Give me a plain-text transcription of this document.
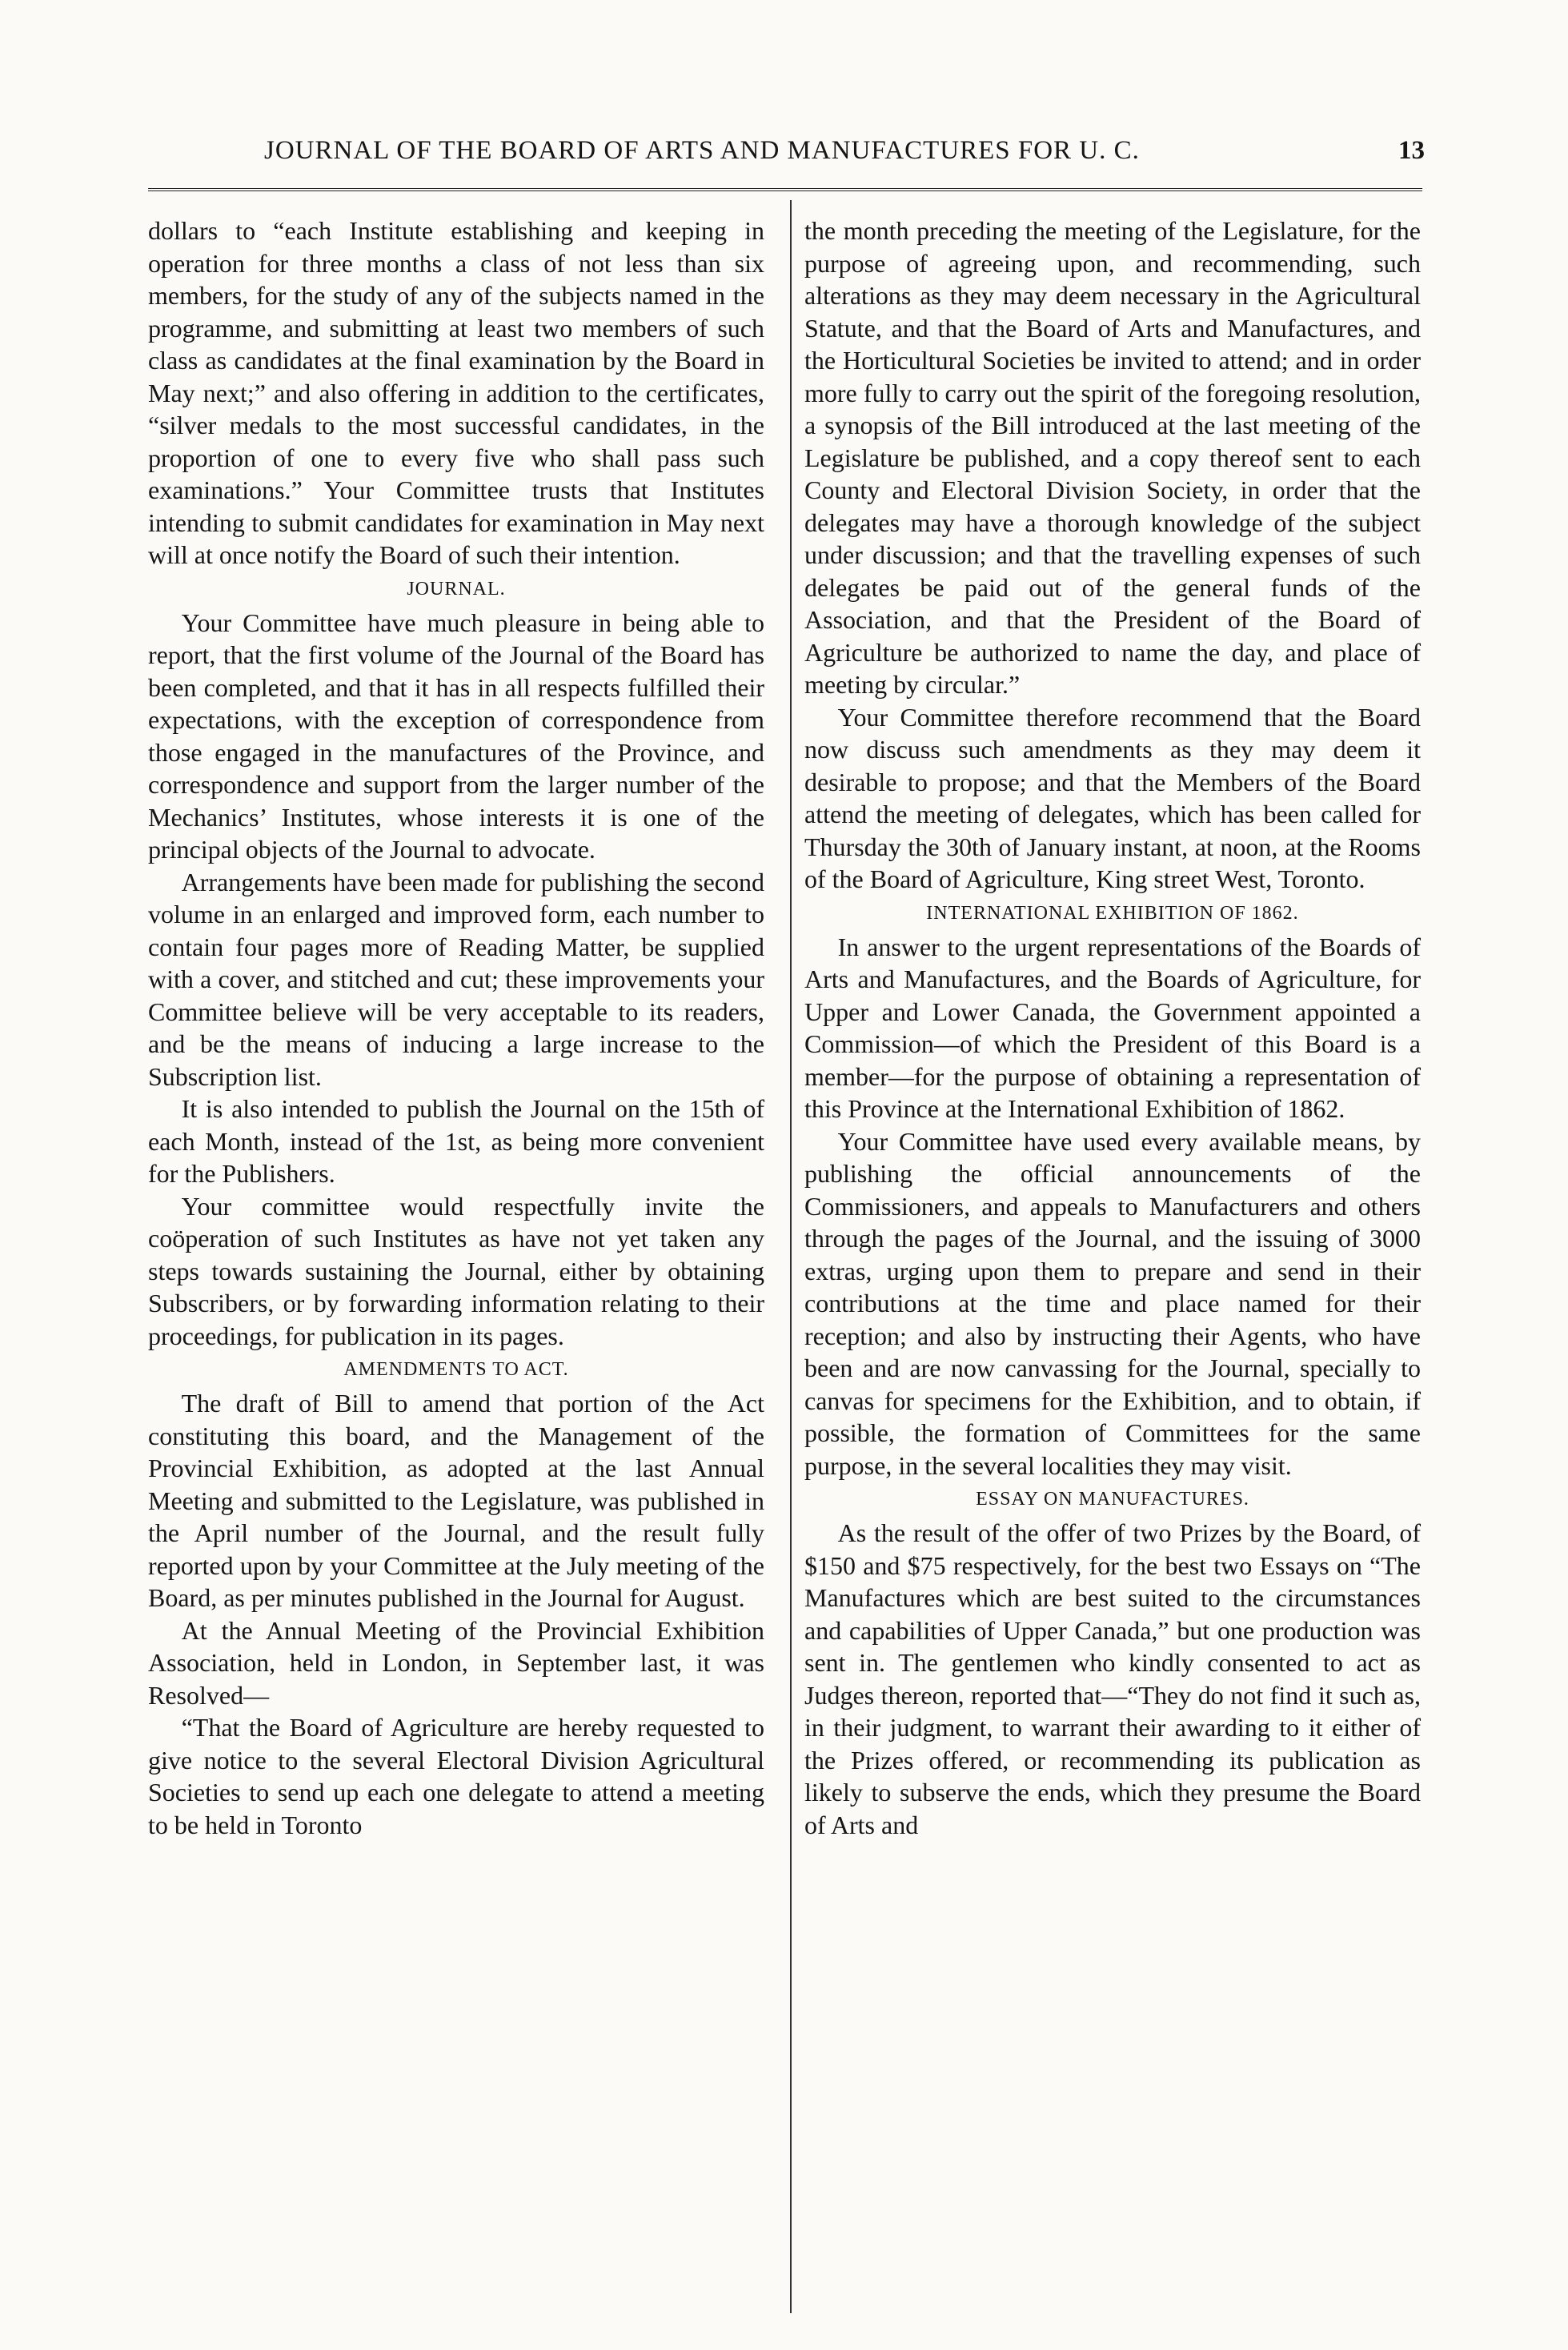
JOURNAL OF THE BOARD OF ARTS AND MANUFACTURES FOR U. C.	13

dollars to “each Institute establishing and keeping in operation for three months a class of not less than six members, for the study of any of the subjects named in the programme, and submitting at least two members of such class as candidates at the final examination by the Board in May next;” and also offering in addition to the certificates, “silver medals to the most successful candidates, in the proportion of one to every five who shall pass such examinations.” Your Committee trusts that Institutes intending to submit candidates for examination in May next will at once notify the Board of such their intention.

JOURNAL.

Your Committee have much pleasure in being able to report, that the first volume of the Journal of the Board has been completed, and that it has in all respects fulfilled their expectations, with the exception of correspondence from those engaged in the manufactures of the Province, and correspondence and support from the larger number of the Mechanics’ Institutes, whose interests it is one of the principal objects of the Journal to advocate.

Arrangements have been made for publishing the second volume in an enlarged and improved form, each number to contain four pages more of Reading Matter, be supplied with a cover, and stitched and cut; these improvements your Committee believe will be very acceptable to its readers, and be the means of inducing a large increase to the Subscription list.

It is also intended to publish the Journal on the 15th of each Month, instead of the 1st, as being more convenient for the Publishers.

Your committee would respectfully invite the coöperation of such Institutes as have not yet taken any steps towards sustaining the Journal, either by obtaining Subscribers, or by forwarding information relating to their proceedings, for publication in its pages.

AMENDMENTS TO ACT.

The draft of Bill to amend that portion of the Act constituting this board, and the Management of the Provincial Exhibition, as adopted at the last Annual Meeting and submitted to the Legislature, was published in the April number of the Journal, and the result fully reported upon by your Committee at the July meeting of the Board, as per minutes published in the Journal for August.

At the Annual Meeting of the Provincial Exhibition Association, held in London, in September last, it was Resolved—

“That the Board of Agriculture are hereby requested to give notice to the several Electoral Division Agricultural Societies to send up each one delegate to attend a meeting to be held in Toronto

the month preceding the meeting of the Legislature, for the purpose of agreeing upon, and recommending, such alterations as they may deem necessary in the Agricultural Statute, and that the Board of Arts and Manufactures, and the Horticultural Societies be invited to attend; and in order more fully to carry out the spirit of the foregoing resolution, a synopsis of the Bill introduced at the last meeting of the Legislature be published, and a copy thereof sent to each County and Electoral Division Society, in order that the delegates may have a thorough knowledge of the subject under discussion; and that the travelling expenses of such delegates be paid out of the general funds of the Association, and that the President of the Board of Agriculture be authorized to name the day, and place of meeting by circular.”

Your Committee therefore recommend that the Board now discuss such amendments as they may deem it desirable to propose; and that the Members of the Board attend the meeting of delegates, which has been called for Thursday the 30th of January instant, at noon, at the Rooms of the Board of Agriculture, King street West, Toronto.

INTERNATIONAL EXHIBITION OF 1862.

In answer to the urgent representations of the Boards of Arts and Manufactures, and the Boards of Agriculture, for Upper and Lower Canada, the Government appointed a Commission—of which the President of this Board is a member—for the purpose of obtaining a representation of this Province at the International Exhibition of 1862.

Your Committee have used every available means, by publishing the official announcements of the Commissioners, and appeals to Manufacturers and others through the pages of the Journal, and the issuing of 3000 extras, urging upon them to prepare and send in their contributions at the time and place named for their reception; and also by instructing their Agents, who have been and are now canvassing for the Journal, specially to canvas for specimens for the Exhibition, and to obtain, if possible, the formation of Committees for the same purpose, in the several localities they may visit.

ESSAY ON MANUFACTURES.

As the result of the offer of two Prizes by the Board, of $150 and $75 respectively, for the best two Essays on “The Manufactures which are best suited to the circumstances and capabilities of Upper Canada,” but one production was sent in. The gentlemen who kindly consented to act as Judges thereon, reported that—“They do not find it such as, in their judgment, to warrant their awarding to it either of the Prizes offered, or recommending its publication as likely to subserve the ends, which they presume the Board of Arts and
